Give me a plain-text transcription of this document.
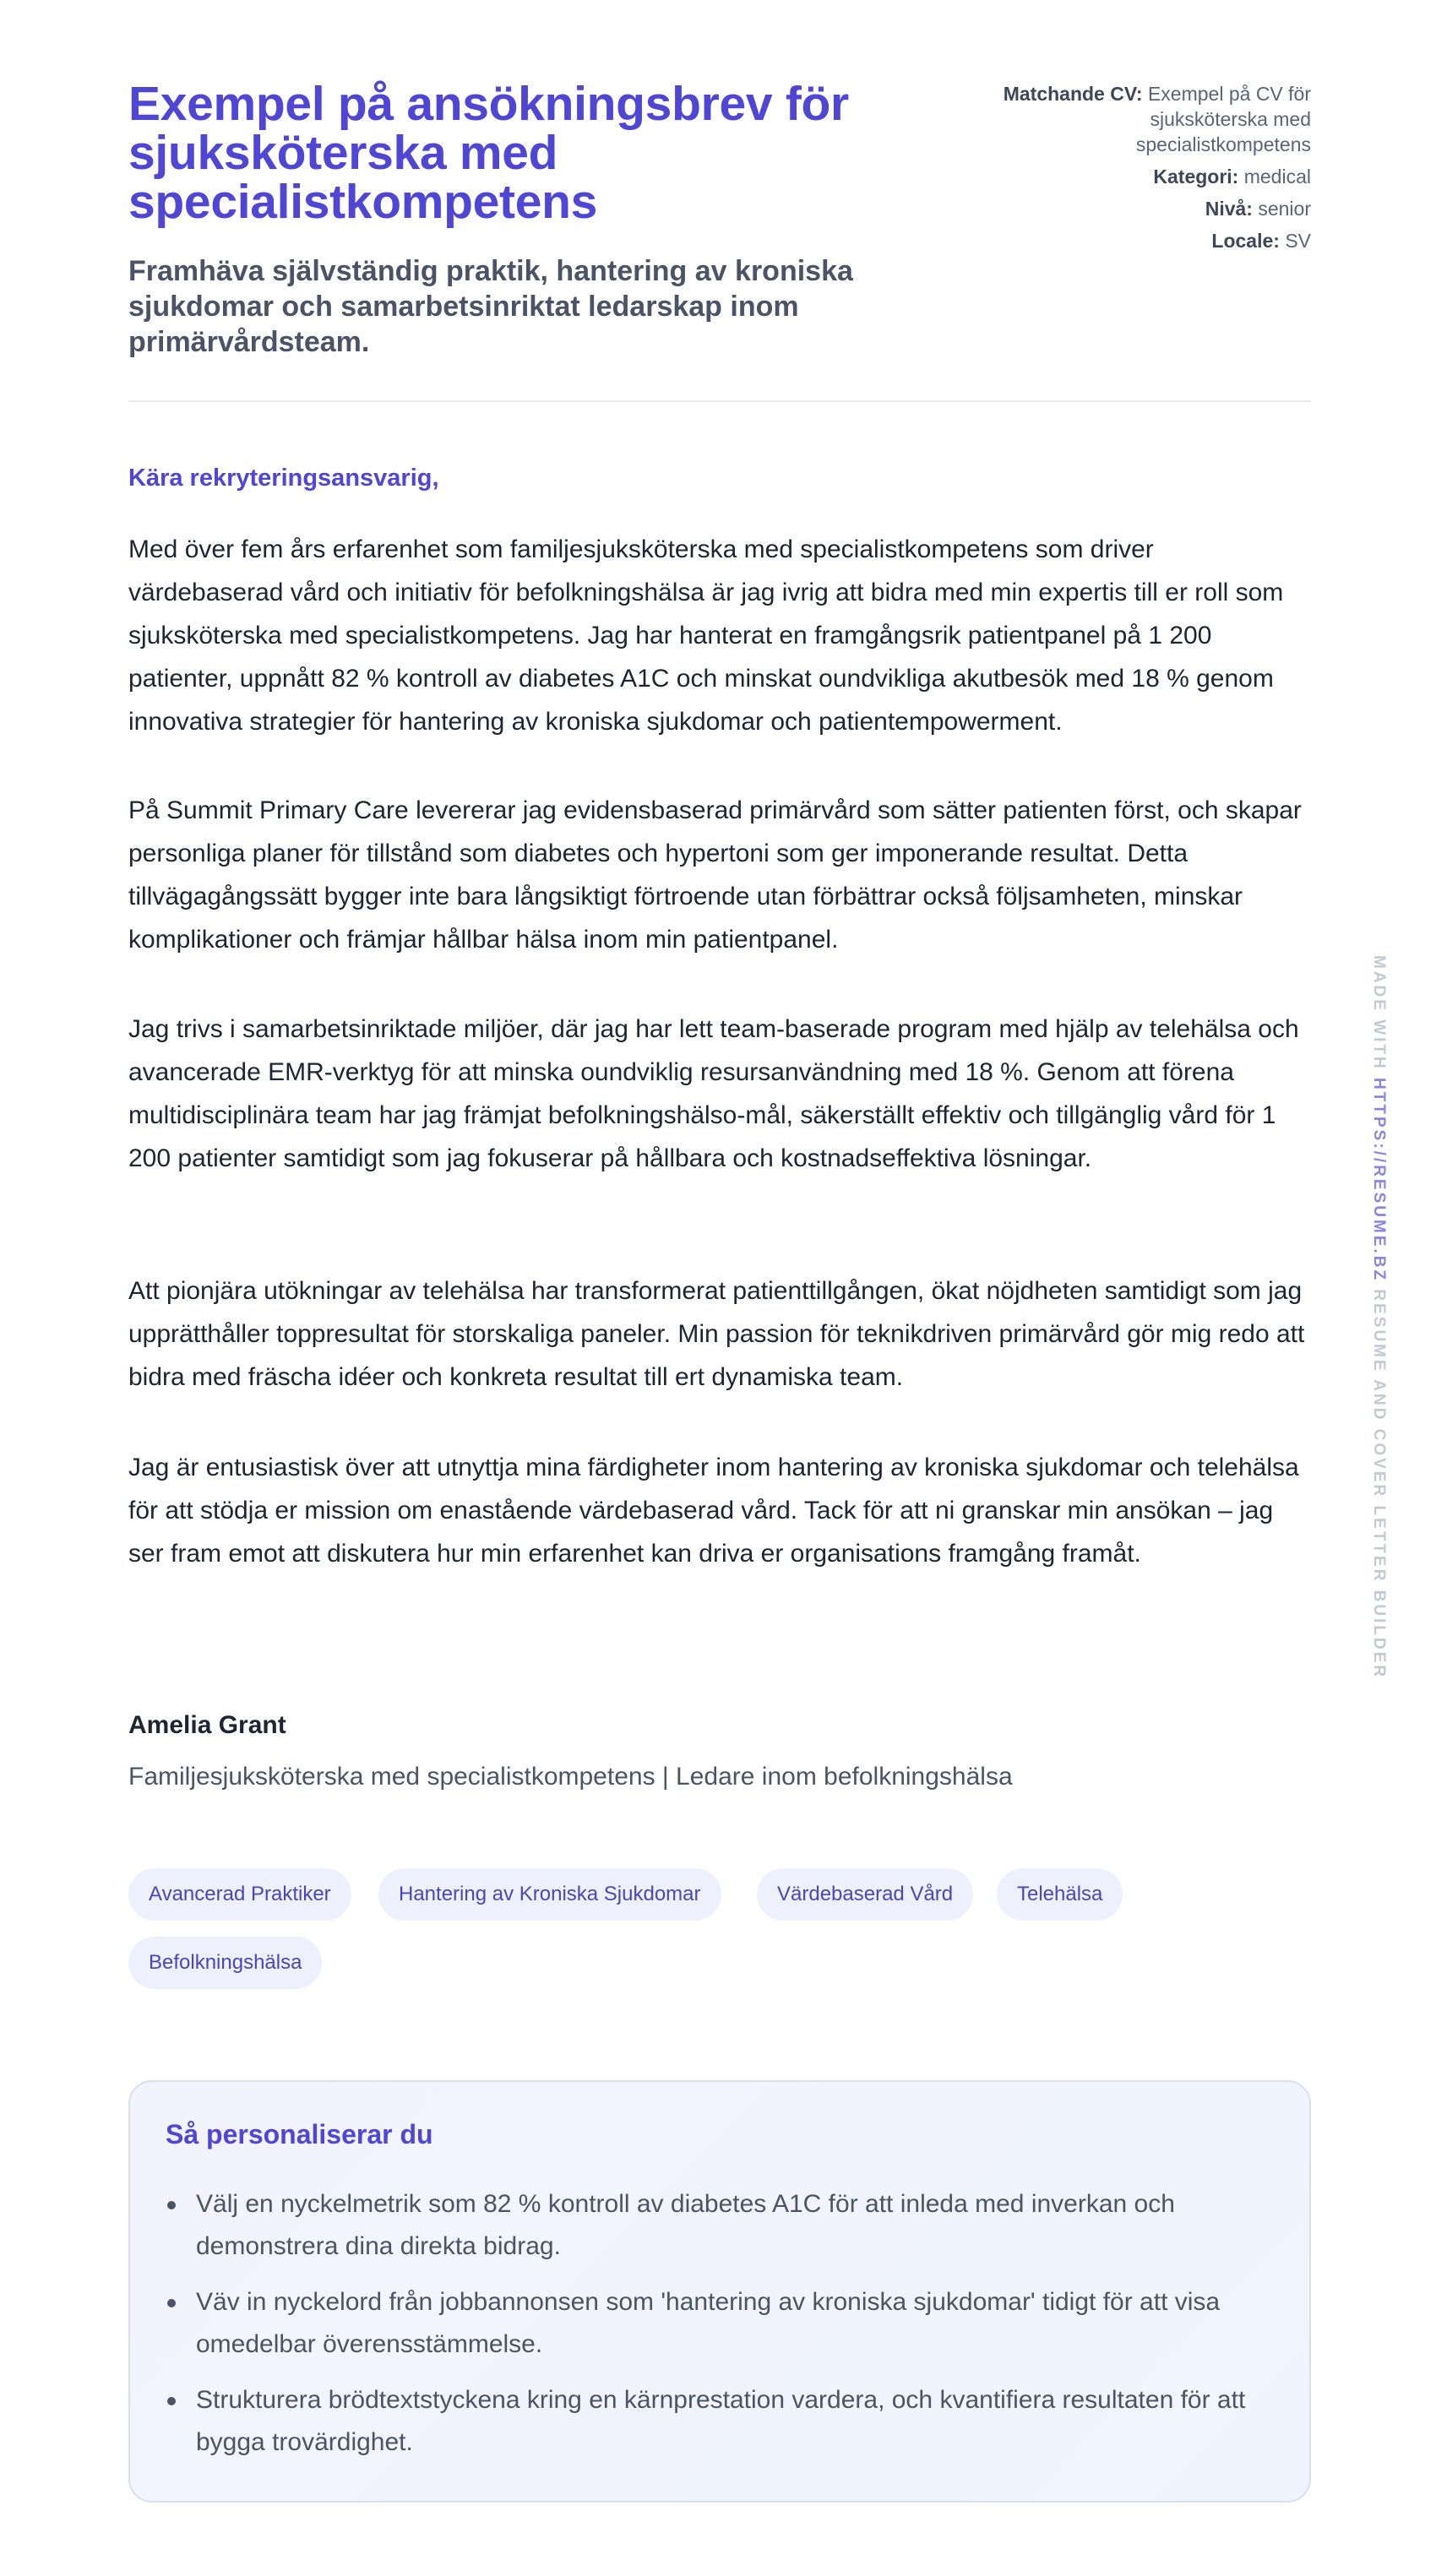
Exempel på ansökningsbrev för sjuksköterska med specialistkompetens

Framhäva självständig praktik, hantering av kroniska sjukdomar och samarbetsinriktat ledarskap inom primärvårdsteam.

Matchande CV: Exempel på CV för sjuksköterska med specialistkompetens
Kategori: medical
Nivå: senior
Locale: SV

Kära rekryteringsansvarig,

Med över fem års erfarenhet som familjesjuksköterska med specialistkompetens som driver värdebaserad vård och initiativ för befolkningshälsa är jag ivrig att bidra med min expertis till er roll som sjuksköterska med specialistkompetens. Jag har hanterat en framgångsrik patientpanel på 1 200 patienter, uppnått 82 % kontroll av diabetes A1C och minskat oundvikliga akutbesök med 18 % genom innovativa strategier för hantering av kroniska sjukdomar och patientempowerment.

På Summit Primary Care levererar jag evidensbaserad primärvård som sätter patienten först, och skapar personliga planer för tillstånd som diabetes och hypertoni som ger imponerande resultat. Detta tillvägagångssätt bygger inte bara långsiktigt förtroende utan förbättrar också följsamheten, minskar komplikationer och främjar hållbar hälsa inom min patientpanel.

Jag trivs i samarbetsinriktade miljöer, där jag har lett team-baserade program med hjälp av telehälsa och avancerade EMR-verktyg för att minska oundviklig resursanvändning med 18 %. Genom att förena multidisciplinära team har jag främjat befolkningshälso-mål, säkerställt effektiv och tillgänglig vård för 1 200 patienter samtidigt som jag fokuserar på hållbara och kostnadseffektiva lösningar.

Att pionjära utökningar av telehälsa har transformerat patienttillgången, ökat nöjdheten samtidigt som jag upprätthåller toppresultat för storskaliga paneler. Min passion för teknikdriven primärvård gör mig redo att bidra med fräscha idéer och konkreta resultat till ert dynamiska team.

Jag är entusiastisk över att utnyttja mina färdigheter inom hantering av kroniska sjukdomar och telehälsa för att stödja er mission om enastående värdebaserad vård. Tack för att ni granskar min ansökan – jag ser fram emot att diskutera hur min erfarenhet kan driva er organisations framgång framåt.

Amelia Grant
Familjesjuksköterska med specialistkompetens | Ledare inom befolkningshälsa
Avancerad Praktiker	Hantering av Kroniska Sjukdomar	Värdebaserad Vård	Telehälsa
Befolkningshälsa
Så personaliserar du
Välj en nyckelmetrik som 82 % kontroll av diabetes A1C för att inleda med inverkan och demonstrera dina direkta bidrag.
Väv in nyckelord från jobbannonsen som 'hantering av kroniska sjukdomar' tidigt för att visa omedelbar överensstämmelse.
Strukturera brödtextstyckena kring en kärnprestation vardera, och kvantifiera resultaten för att bygga trovärdighet.
MADE WITH HTTPS://RESUME.BZ RESUME AND COVER LETTER BUILDER
